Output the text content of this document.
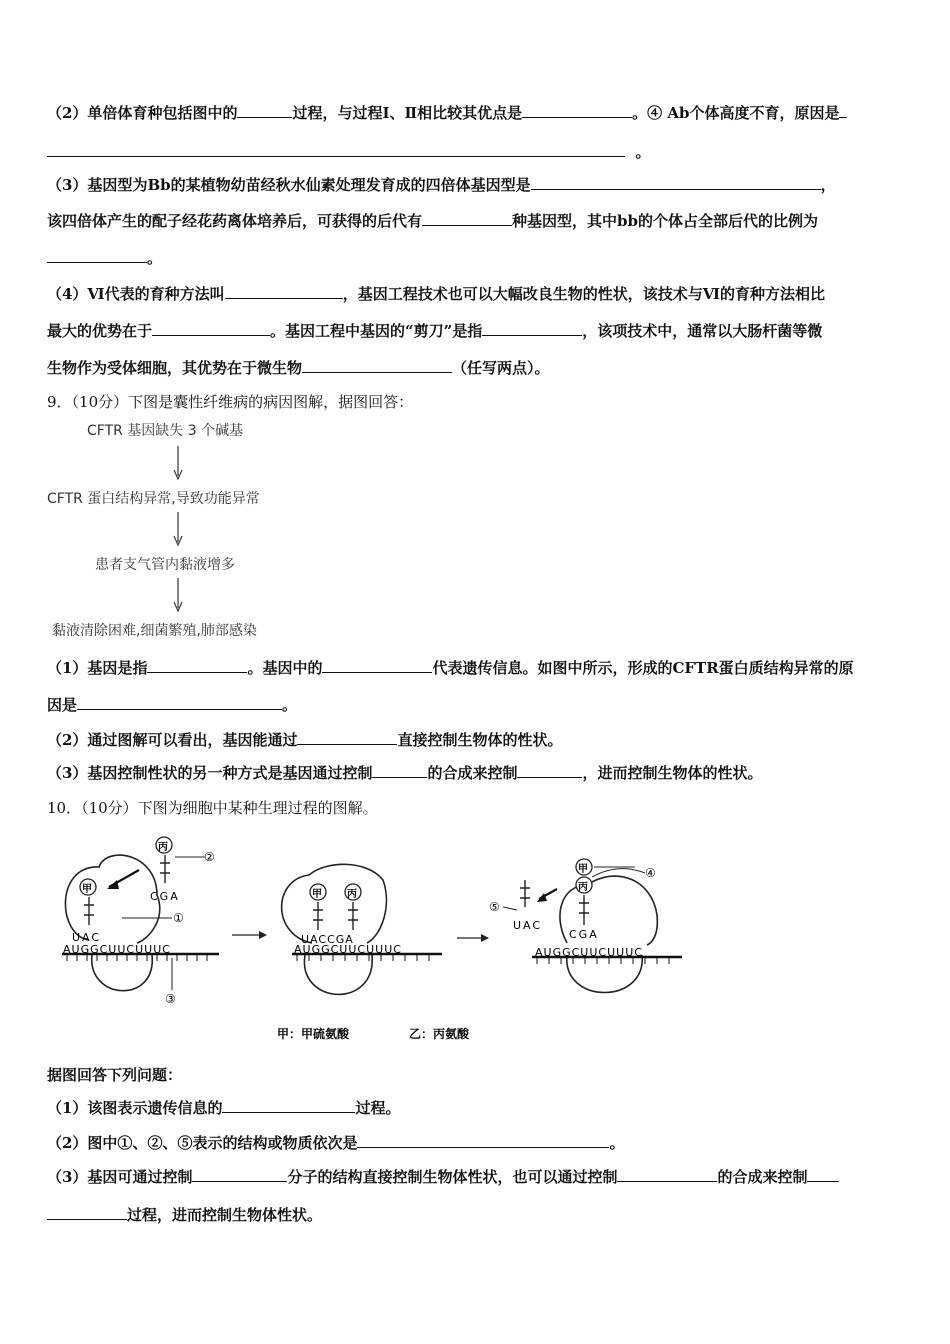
（2）单倍体育种包括图中的	过程，与过程Ⅰ、Ⅱ相比较其优点是	。④ Ab个体高度不育，原因是
。
（3）基因型为Bb的某植物幼苗经秋水仙素处理发育成的四倍体基因型是	，
该四倍体产生的配子经花药离体培养后，可获得的后代有	种基因型，其中bb的个体占全部后代的比例为
。
（4）Ⅵ代表的育种方法叫	，基因工程技术也可以大幅改良生物的性状，该技术与Ⅵ的育种方法相比
最大的优势在于	。基因工程中基因的“剪刀”是指	，该项技术中，通常以大肠杆菌等微
生物作为受体细胞，其优势在于微生物	（任写两点）。
9．（10分）下图是囊性纤维病的病因图解，据图回答：
CFTR 基因缺失 3 个碱基
CFTR 蛋白结构异常,导致功能异常
患者支气管内黏液增多
黏液清除困难,细菌繁殖,肺部感染
（1）基因是指	。基因中的	代表遗传信息。如图中所示，形成的CFTR蛋白质结构异常的原
因是	。
（2）通过图解可以看出，基因能通过	直接控制生物体的性状。
（3）基因控制性状的另一种方式是基因通过控制	的合成来控制	，进而控制生物体的性状。
10．（10分）下图为细胞中某种生理过程的图解。
甲
丙
②
CGA
①
UAC
AUGGCUUCUUUC
③
甲	丙
UACCGA
AUGGCUUCUUUC
甲
丙
④
⑤
UAC
CGA
AUGGCUUCUUUC
甲：甲硫氨酸	乙：丙氨酸
据图回答下列问题：
（1）该图表示遗传信息的	过程。
（2）图中①、②、⑤表示的结构或物质依次是	。
（3）基因可通过控制	分子的结构直接控制生物体性状，也可以通过控制	的合成来控制
过程，进而控制生物体性状。
